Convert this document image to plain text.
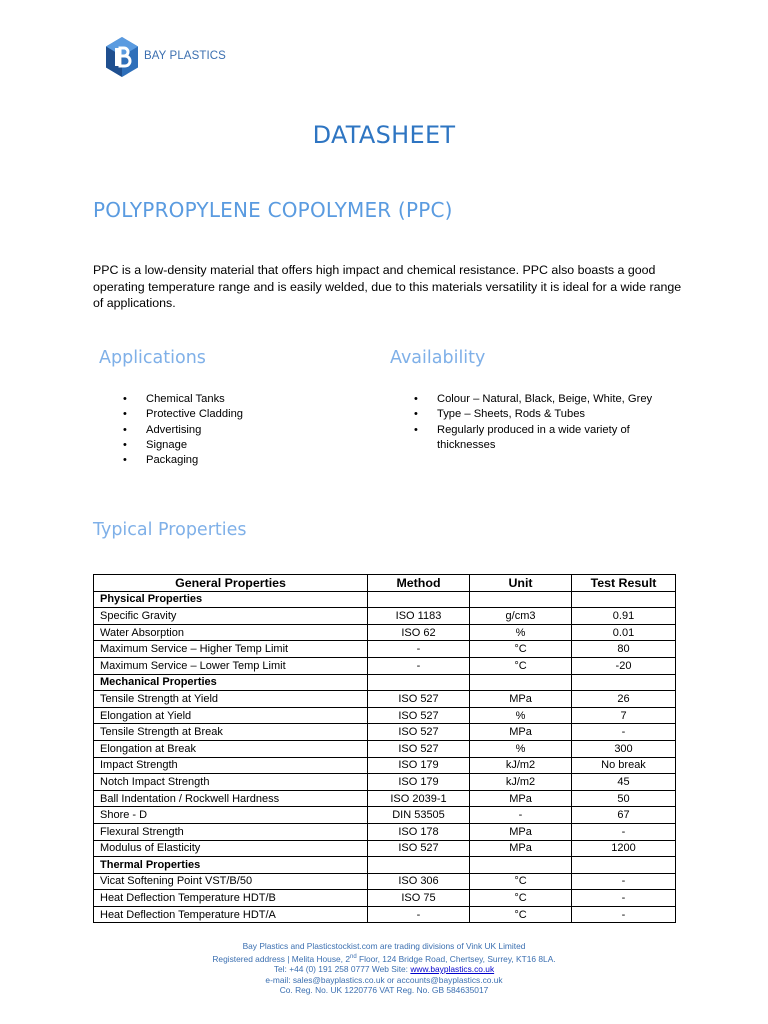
BAY PLASTICS
DATASHEET
POLYPROPYLENE COPOLYMER (PPC)
PPC is a low-density material that offers high impact and chemical resistance. PPC also boasts a good operating temperature range and is easily welded, due to this materials versatility it is ideal for a wide range of applications.
Applications	Availability
• Chemical Tanks
• Protective Cladding
• Advertising
• Signage
• Packaging
• Colour – Natural, Black, Beige, White, Grey
• Type – Sheets, Rods & Tubes
• Regularly produced in a wide variety of thicknesses
Typical Properties
General Properties	Method	Unit	Test Result
Physical Properties			
Specific Gravity	ISO 1183	g/cm3	0.91
Water Absorption	ISO 62	%	0.01
Maximum Service – Higher Temp Limit	-	°C	80
Maximum Service – Lower Temp Limit	-	°C	-20
Mechanical Properties			
Tensile Strength at Yield	ISO 527	MPa	26
Elongation at Yield	ISO 527	%	7
Tensile Strength at Break	ISO 527	MPa	-
Elongation at Break	ISO 527	%	300
Impact Strength	ISO 179	kJ/m2	No break
Notch Impact Strength	ISO 179	kJ/m2	45
Ball Indentation / Rockwell Hardness	ISO 2039-1	MPa	50
Shore - D	DIN 53505	-	67
Flexural Strength	ISO 178	MPa	-
Modulus of Elasticity	ISO 527	MPa	1200
Thermal Properties			
Vicat Softening Point VST/B/50	ISO 306	°C	-
Heat Deflection Temperature HDT/B	ISO 75	°C	-
Heat Deflection Temperature HDT/A	-	°C	-
Bay Plastics and Plasticstockist.com are trading divisions of Vink UK Limited
Registered address | Melita House, 2nd Floor, 124 Bridge Road, Chertsey, Surrey, KT16 8LA.
Tel: +44 (0) 191 258 0777 Web Site: www.bayplastics.co.uk
e-mail: sales@bayplastics.co.uk or accounts@bayplastics.co.uk
Co. Reg. No. UK 1220776 VAT Reg. No. GB 584635017
